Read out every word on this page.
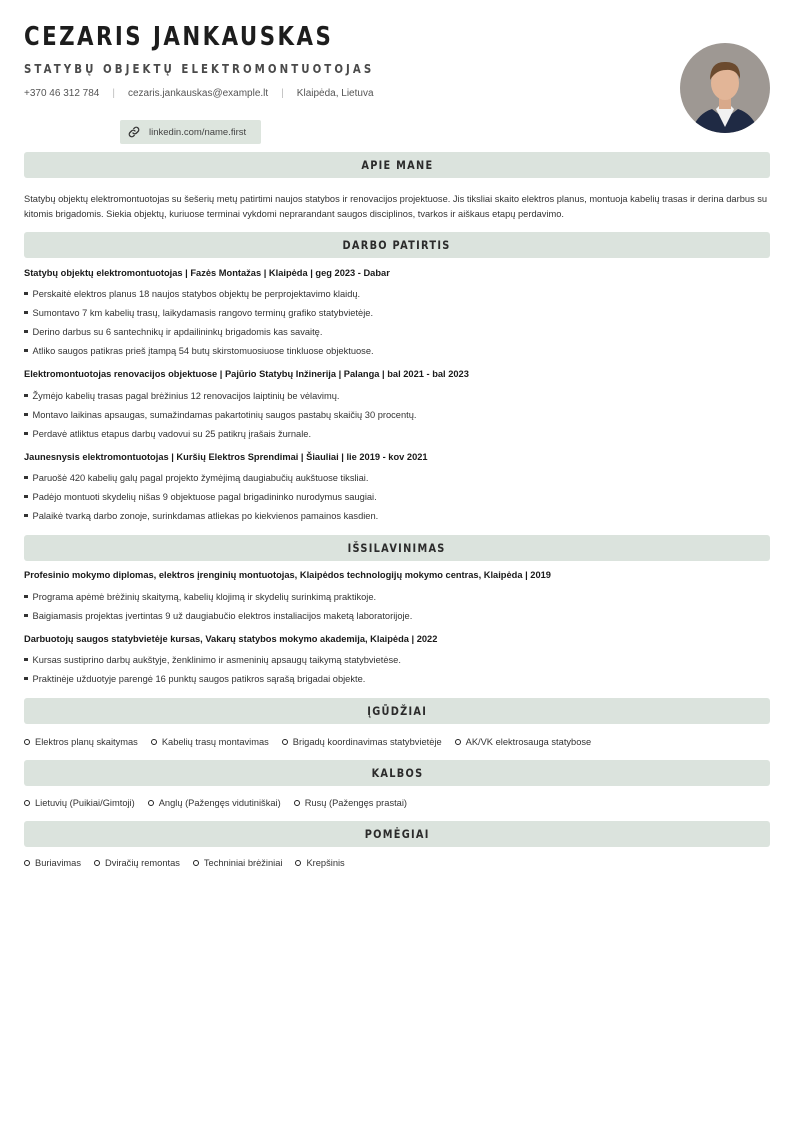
CEZARIS JANKAUSKAS
STATYBŲ OBJEKTŲ ELEKTROMONTUOTOJAS
+370 46 312 784 | cezaris.jankauskas@example.lt | Klaipėda, Lietuva
linkedin.com/name.first
APIE MANE
Statybų objektų elektromontuotojas su šešerių metų patirtimi naujos statybos ir renovacijos projektuose. Jis tiksliai skaito elektros planus, montuoja kabelių trasas ir derina darbus su kitomis brigadomis. Siekia objektų, kuriuose terminai vykdomi neprarandant saugos disciplinos, tvarkos ir aiškaus etapų perdavimo.
DARBO PATIRTIS
Statybų objektų elektromontuotojas | Fazės Montažas | Klaipėda | geg 2023 - Dabar
Perskaitė elektros planus 18 naujos statybos objektų be perprojektavimo klaidų.
Sumontavo 7 km kabelių trasų, laikydamasis rangovo terminų grafiko statybvietėje.
Derino darbus su 6 santechnikų ir apdailininkų brigadomis kas savaitę.
Atliko saugos patikras prieš įtampą 54 butų skirstomuosiuose tinkluose objektuose.
Elektromontuotojas renovacijos objektuose | Pajūrio Statybų Inžinerija | Palanga | bal 2021 - bal 2023
Žymėjo kabelių trasas pagal brėžinius 12 renovacijos laiptinių be vėlavimų.
Montavo laikinas apsaugas, sumažindamas pakartotinių saugos pastabų skaičių 30 procentų.
Perdavė atliktus etapus darbų vadovui su 25 patikrų įrašais žurnale.
Jaunesnysis elektromontuotojas | Kuršių Elektros Sprendimai | Šiauliai | lie 2019 - kov 2021
Paruošė 420 kabelių galų pagal projekto žymėjimą daugiabučių aukštuose tiksliai.
Padėjo montuoti skydelių nišas 9 objektuose pagal brigadininko nurodymus saugiai.
Palaikė tvarką darbo zonoje, surinkdamas atliekas po kiekvienos pamainos kasdien.
IŠSILAVINIMAS
Profesinio mokymo diplomas, elektros įrenginių montuotojas, Klaipėdos technologijų mokymo centras, Klaipėda | 2019
Programa apėmė brėžinių skaitymą, kabelių klojimą ir skydelių surinkimą praktikoje.
Baigiamasis projektas įvertintas 9 už daugiabučio elektros instaliacijos maketą laboratorijoje.
Darbuotojų saugos statybvietėje kursas, Vakarų statybos mokymo akademija, Klaipėda | 2022
Kursas sustiprino darbų aukštyje, ženklinimo ir asmeninių apsaugų taikymą statybvietėse.
Praktinėje užduotyje parengė 16 punktų saugos patikros sąrašą brigadai objekte.
ĮGŪDŽIAI
Elektros planų skaitymas	Kabelių trasų montavimas	Brigadų koordinavimas statybvietėje	AK/VK elektrosauga statybose
KALBOS
Lietuvių (Puikiai/Gimtoji)	Anglų (Pažengęs vidutiniškai)	Rusų (Pažengęs prastai)
POMĖGIAI
Buriavimas	Dviračių remontas	Techniniai brėžiniai	Krepšinis
